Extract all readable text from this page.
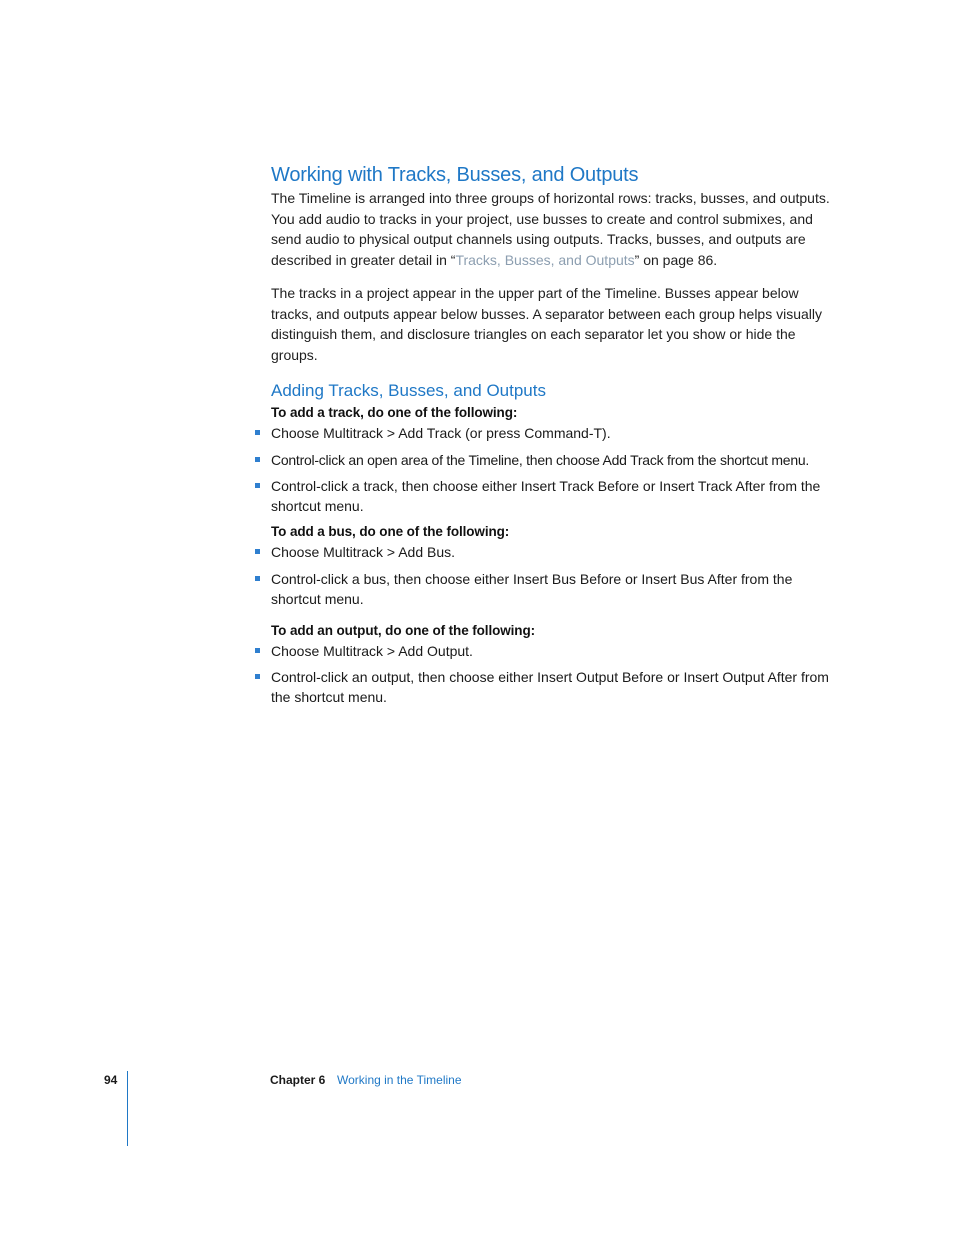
Working with Tracks, Busses, and Outputs

The Timeline is arranged into three groups of horizontal rows: tracks, busses, and outputs. You add audio to tracks in your project, use busses to create and control submixes, and send audio to physical output channels using outputs. Tracks, busses, and outputs are described in greater detail in “Tracks, Busses, and Outputs” on page 86.

The tracks in a project appear in the upper part of the Timeline. Busses appear below tracks, and outputs appear below busses. A separator between each group helps visually distinguish them, and disclosure triangles on each separator let you show or hide the groups.

Adding Tracks, Busses, and Outputs

To add a track, do one of the following:

Choose Multitrack > Add Track (or press Command-T).
Control-click an open area of the Timeline, then choose Add Track from the shortcut menu.
Control-click a track, then choose either Insert Track Before or Insert Track After from the shortcut menu.

To add a bus, do one of the following:

Choose Multitrack > Add Bus.
Control-click a bus, then choose either Insert Bus Before or Insert Bus After from the shortcut menu.

To add an output, do one of the following:

Choose Multitrack > Add Output.
Control-click an output, then choose either Insert Output Before or Insert Output After from the shortcut menu.
94	Chapter 6 Working in the Timeline
